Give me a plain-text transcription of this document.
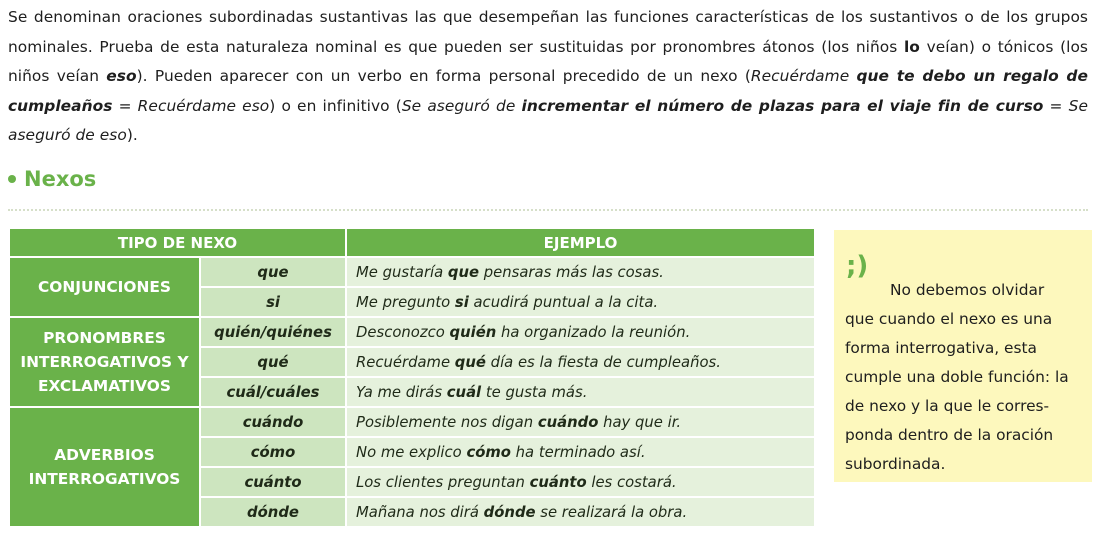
Se denominan oraciones subordinadas sustantivas las que desempeñan las funciones características de los sustantivos o de los grupos nominales. Prueba de esta naturaleza nominal es que pueden ser sustituidas por pronombres átonos (los niños lo veían) o tónicos (los niños veían eso). Pueden aparecer con un verbo en forma personal precedido de un nexo (Recuérdame que te debo un regalo de cumpleaños = Recuérdame eso) o en infinitivo (Se aseguró de incrementar el número de plazas para el viaje fin de curso = Se aseguró de eso).
Nexos
TIPO DE NEXO		EJEMPLO
CONJUNCIONES	que	Me gustaría que pensaras más las cosas.
	si	Me pregunto si acudirá puntual a la cita.
PRONOMBRES INTERROGATIVOS Y EXCLAMATIVOS	quién/quiénes	Desconozco quién ha organizado la reunión.
	qué	Recuérdame qué día es la fiesta de cumpleaños.
	cuál/cuáles	Ya me dirás cuál te gusta más.
ADVERBIOS INTERROGATIVOS	cuándo	Posiblemente nos digan cuándo hay que ir.
	cómo	No me explico cómo ha terminado así.
	cuánto	Los clientes preguntan cuánto les costará.
	dónde	Mañana nos dirá dónde se realizará la obra.
;)
No debemos olvidar
que cuando el nexo es una forma interrogativa, esta cumple una doble función: la de nexo y la que le corres-ponda dentro de la oración subordinada.
